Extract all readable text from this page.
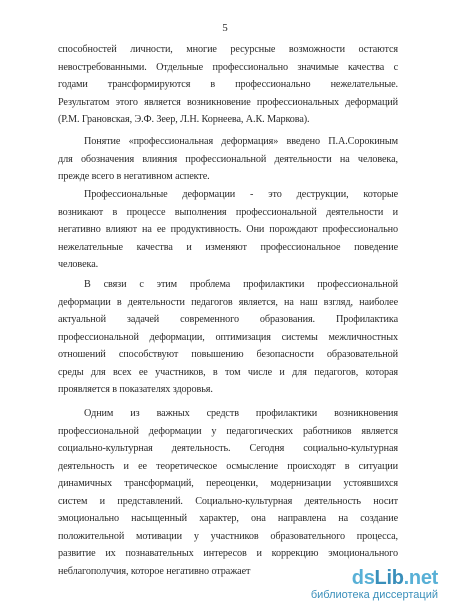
5
способностей личности, многие ресурсные возможности остаются
невостребованными. Отдельные профессионально значимые качества с
годами трансформируются в профессионально нежелательные.
Результатом этого является возникновение профессиональных деформаций
(Р.М. Грановская, Э.Ф. Зеер, Л.Н. Корнеева, А.К. Маркова).
Понятие «профессиональная деформация» введено П.А.Сорокиным
для обозначения влияния профессиональной деятельности на человека,
прежде всего в негативном аспекте.
Профессиональные деформации - это деструкции, которые
возникают в процессе выполнения профессиональной деятельности и
негативно влияют на ее продуктивность. Они порождают профессионально
нежелательные качества и изменяют профессиональное поведение
человека.
В связи с этим проблема профилактики профессиональной
деформации в деятельности педагогов является, на наш взгляд, наиболее
актуальной задачей современного образования. Профилактика
профессиональной деформации, оптимизация системы межличностных
отношений способствуют повышению безопасности образовательной
среды для всех ее участников, в том числе и для педагогов, которая
проявляется в показателях здоровья.
Одним из важных средств профилактики возникновения
профессиональной деформации у педагогических работников является
социально-культурная деятельность. Сегодня социально-культурная
деятельность и ее теоретическое осмысление происходят в ситуации
динамичных трансформаций, переоценки, модернизации устоявшихся
систем и представлений. Социально-культурная деятельность носит
эмоционально насыщенный характер, она направлена на создание
положительной мотивации у участников образовательного процесса,
развитие их познавательных интересов и коррекцию эмоционального
неблагополучия, которое негативно отражает	dsLib.net
библиотека диссертаций
